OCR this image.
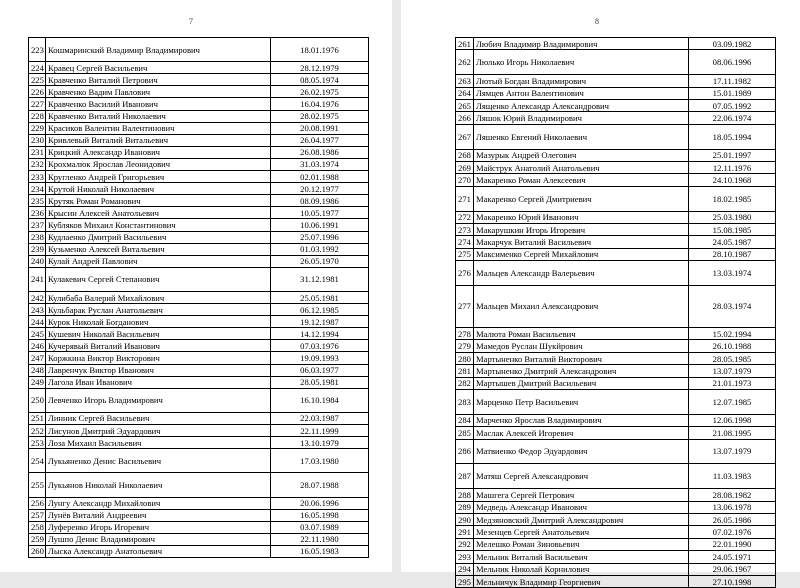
7
223	Кошмаринский Владимир Владимирович	18.01.1976
224	Кравец Сергей Васильевич	28.12.1979
225	Кравченко Виталий Петрович	08.05.1974
226	Кравченко Вадим Павлович	26.02.1975
227	Кравченко Василий Иванович	16.04.1976
228	Кравченко Виталий Николаевич	28.02.1975
229	Красиков Валентин Валентинович	20.08.1991
230	Кривлевый Виталий Витальевич	26.04.1977
231	Крицкий Александр Иванович	26.08.1986
232	Крохмалюк Ярослав Леонидович	31.03.1974
233	Кругленко Андрей Григорьевич	02.01.1988
234	Крутой Николай Николаевич	20.12.1977
235	Крутяк Роман Романович	08.09.1986
236	Крысин Алексей Анатольевич	10.05.1977
237	Кубляков Михаил Константинович	10.06.1991
238	Кудлаенко Дмитрий Васильевич	25.07.1996
239	Кузьменко Алексей Витальевич	01.03.1992
240	Кулай Андрей Павлович	26.05.1970
241	Кулакевич Сергей Степанович	31.12.1981
242	Кулибаба Валерий Михайлович	25.05.1981
243	Кульбарак Руслан Анатольевич	06.12.1985
244	Курок Николай Богданович	19.12.1987
245	Кушевич Николай Васильевич	14.12.1994
246	Кучерявый Виталий Иванович	07.03.1976
247	Коржкина Виктор Викторович	19.09.1993
248	Лавренчук Виктор Иванович	06.03.1977
249	Лагола Иван Иванович	28.05.1981
250	Левченко Игорь Владимирович	16.10.1984
251	Линник Сергей Васильевич	22.03.1987
252	Лисунов Дмитрий Эдуардович	22.11.1999
253	Лоза Михаил Васильевич	13.10.1979
254	Лукьяненко Денис Васильевич	17.03.1980
255	Лукьянов Николай Николаевич	28.07.1988
256	Лунгу Александр Михайлович	20.06.1996
257	Лунёв Виталий Андреевич	16.05.1998
258	Луференко Игорь Игоревич	03.07.1989
259	Лушпо Денис Владимирович	22.11.1980
260	Лыска Александр Анатольевич	16.05.1983
8
261	Любич Владимир Владимирович	03.09.1982
262	Люлько Игорь Николаевич	08.06.1996
263	Лютый Богдан Владимирович	17.11.1982
264	Лямцев Антон Валентинович	15.01.1989
265	Лященко Александр Александрович	07.05.1992
266	Ляшок Юрий Владимирович	22.06.1974
267	Ляшенко Евгений Николаевич	18.05.1994
268	Мазурык Андрей Олегович	25.01.1997
269	Майструк Анатолий Анатольевич	12.11.1976
270	Макаренко Роман Алексеевич	24.10.1968
271	Макаренко Сергей Дмитриевич	18.02.1985
272	Макаренко Юрий Иванович	25.03.1980
273	Макарушкин Игорь Игоревич	15.08.1985
274	Макарчук Виталий Васильевич	24.05.1987
275	Максименко Сергей Михайлович	28.10.1987
276	Мальцев Александр Валерьевич	13.03.1974
277	Мальцев Михаил Александрович	28.03.1974
278	Малюта Роман Васильевич	15.02.1994
279	Мамедов Руслан Шукйрович	26.10.1988
280	Мартыненко Виталий Викторович	28.05.1985
281	Мартыненко Дмитрий Александрович	13.07.1979
282	Мартышев Дмитрий Васильевич	21.01.1973
283	Марценко Петр Васильевич	12.07.1985
284	Марченко Ярослав Владимирович	12.06.1998
285	Маслак Алексей Игоревич	21.08.1995
286	Матвиенко Федор Эдуардович	13.07.1979
287	Матяш Сергей Александрович	11.03.1983
288	Машгега Сергей Петрович	28.08.1982
289	Медведь Александр Иванович	13.06.1978
290	Медзяновский Дмитрий Александрович	26.05.1986
291	Мезенцев Сергей Анатольевич	07.02.1976
292	Мелешко Роман Зиновьевич	22.01.1990
293	Мельник Виталий Васильевич	24.05.1971
294	Мельник Николай Корнилович	29.06.1967
295	Мельничук Владимир Георгиевич	27.10.1998
